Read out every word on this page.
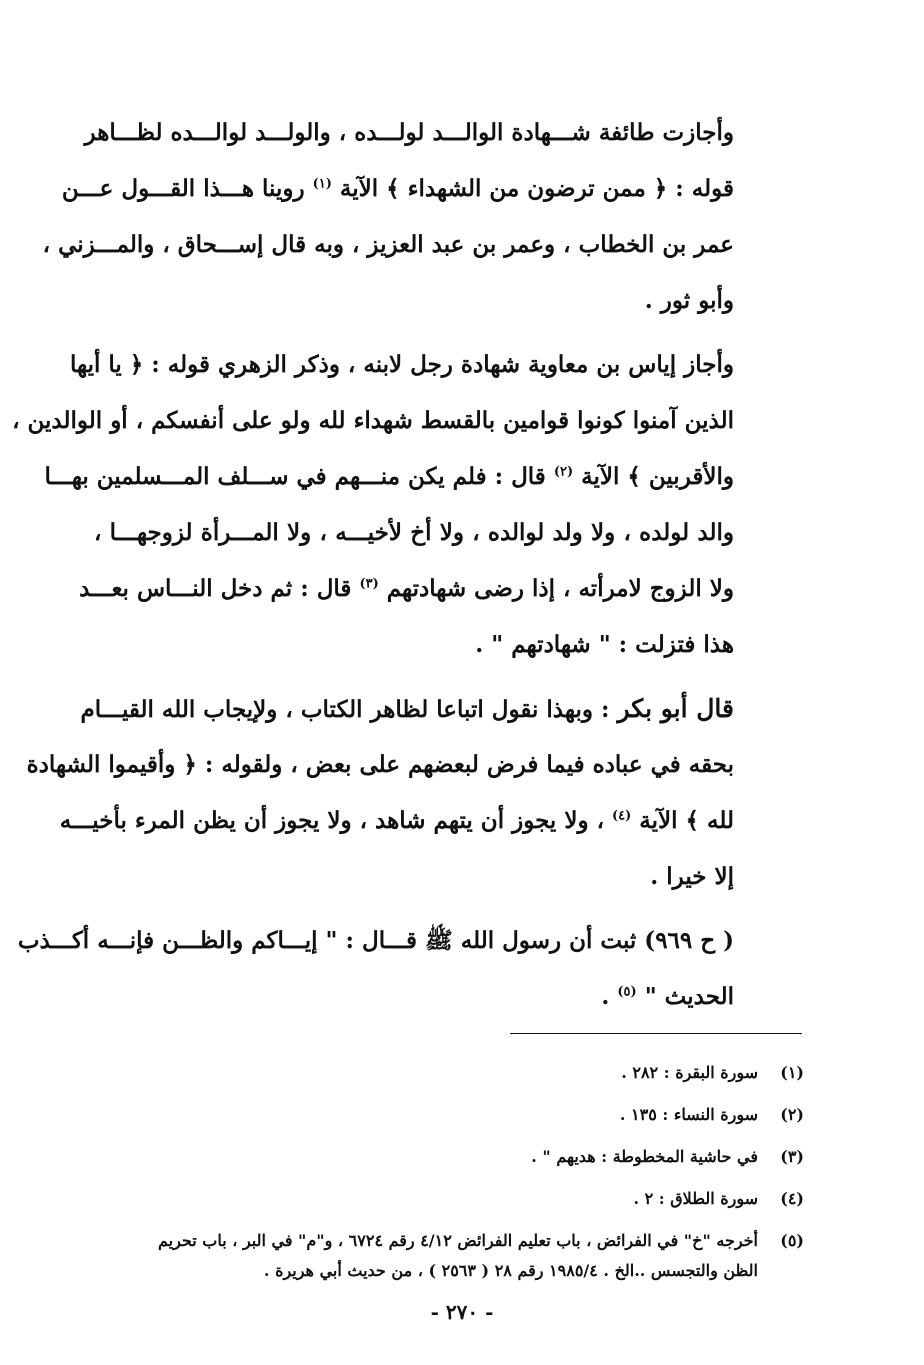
وأجازت طائفة شـــهادة الوالـــد لولـــده ، والولـــد لوالـــده لظـــاهر
قوله : ﴿ ممن ترضون من الشهداء ﴾ الآية $^{(١)}$ روينا هـــذا القـــول عـــن
عمر بن الخطاب ، وعمر بن عبد العزيز ، وبه قال إســـحاق ، والمـــزني ،
وأبو ثور .
وأجاز إياس بن معاوية شهادة رجل لابنه ، وذكر الزهري قوله : ﴿ يا أيها
الذين آمنوا كونوا قوامين بالقسط شهداء لله ولو على أنفسكم ، أو الوالدين ،
والأقربين ﴾ الآية $^{(٢)}$ قال : فلم يكن منـــهم في ســـلف المـــسلمين بهـــا
والد لولده ، ولا ولد لوالده ، ولا أخ لأخيـــه ، ولا المـــرأة لزوجهـــا ،
ولا الزوج لامرأته ، إذا رضى شهادتهم $^{(٣)}$ قال : ثم دخل النـــاس بعـــد
هذا فتزلت : " شهادتهم " .
قال أبو بكر : وبهذا نقول اتباعا لظاهر الكتاب ، ولإيجاب الله القيـــام
بحقه في عباده فيما فرض لبعضهم على بعض ، ولقوله : ﴿ وأقيموا الشهادة
لله ﴾ الآية $^{(٤)}$ ، ولا يجوز أن يتهم شاهد ، ولا يجوز أن يظن المرء بأخيـــه
إلا خيرا .
( ح ٩٦٩) ثبت أن رسول الله ﷺ قـــال : " إيـــاكم والظـــن فإنـــه أكـــذب
الحديث " $^{(٥)}$ .
(١)
سورة البقرة : ٢٨٢ .
(٢)
سورة النساء : ١٣٥ .
(٣)
في حاشية المخطوطة : هديهم " .
(٤)
سورة الطلاق : ٢ .
(٥)
أخرجه "خ" في الفرائض ، باب تعليم الفرائض ٤/١٢ رقم ٦٧٢٤ ، و"م" في البر ، باب تحريم
الظن والتجسس ..الخ . ١٩٨٥/٤ رقم ٢٨ ( ٢٥٦٣ ) ، من حديث أبي هريرة .
- ٢٧٠ -
